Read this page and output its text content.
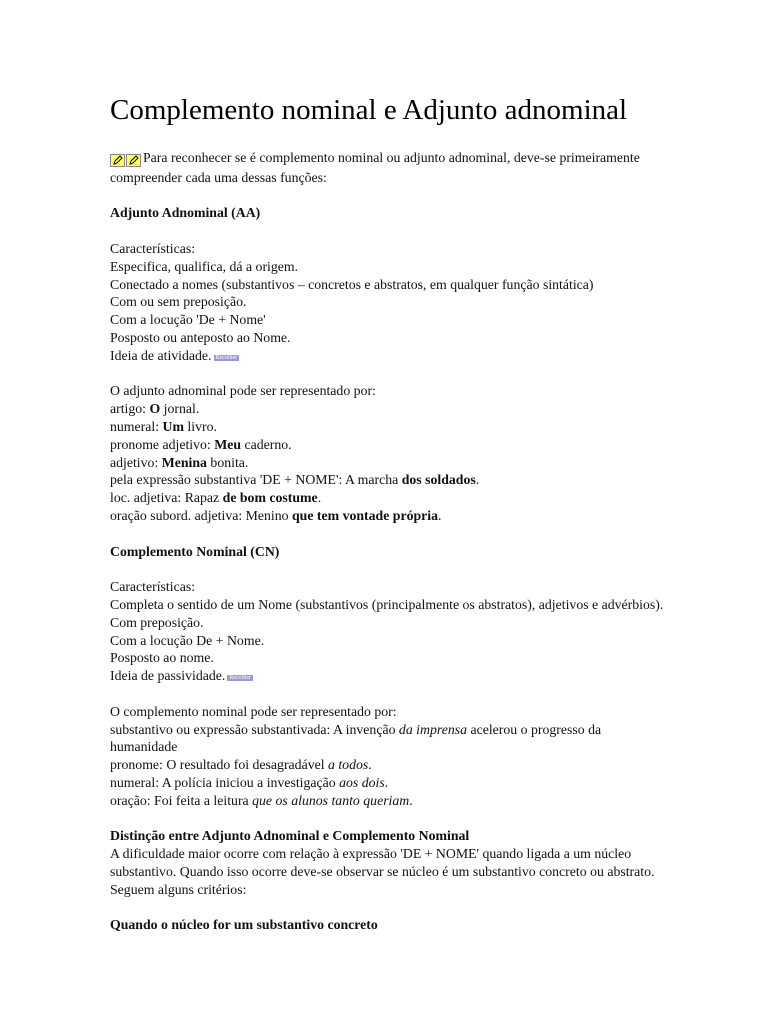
Complemento nominal e Adjunto adnominal

Para reconhecer se é complemento nominal ou adjunto adnominal, deve-se primeiramente compreender cada uma dessas funções:

Adjunto Adnominal (AA)
Características:
Especifica, qualifica, dá a origem.
Conectado a nomes (substantivos – concretos e abstratos, em qualquer função sintática)
Com ou sem preposição.
Com a locução 'De + Nome'
Posposto ou anteposto ao Nome.
Ideia de atividade. Recolher
O adjunto adnominal pode ser representado por:
artigo: O jornal.
numeral: Um livro.
pronome adjetivo: Meu caderno.
adjetivo: Menina bonita.
pela expressão substantiva 'DE + NOME': A marcha dos soldados.
loc. adjetiva: Rapaz de bom costume.
oração subord. adjetiva: Menino que tem vontade própria.
Complemento Nominal (CN)
Características:
Completa o sentido de um Nome (substantivos (principalmente os abstratos), adjetivos e advérbios).
Com preposição.
Com a locução De + Nome.
Posposto ao nome.
Ideia de passividade. Recolher
O complemento nominal pode ser representado por:
substantivo ou expressão substantivada: A invenção da imprensa acelerou o progresso da humanidade
pronome: O resultado foi desagradável a todos.
numeral: A polícia iniciou a investigação aos dois.
oração: Foi feita a leitura que os alunos tanto queriam.
Distinção entre Adjunto Adnominal e Complemento Nominal
A dificuldade maior ocorre com relação à expressão 'DE + NOME' quando ligada a um núcleo substantivo. Quando isso ocorre deve-se observar se núcleo é um substantivo concreto ou abstrato. Seguem alguns critérios:
Quando o núcleo for um substantivo concreto
